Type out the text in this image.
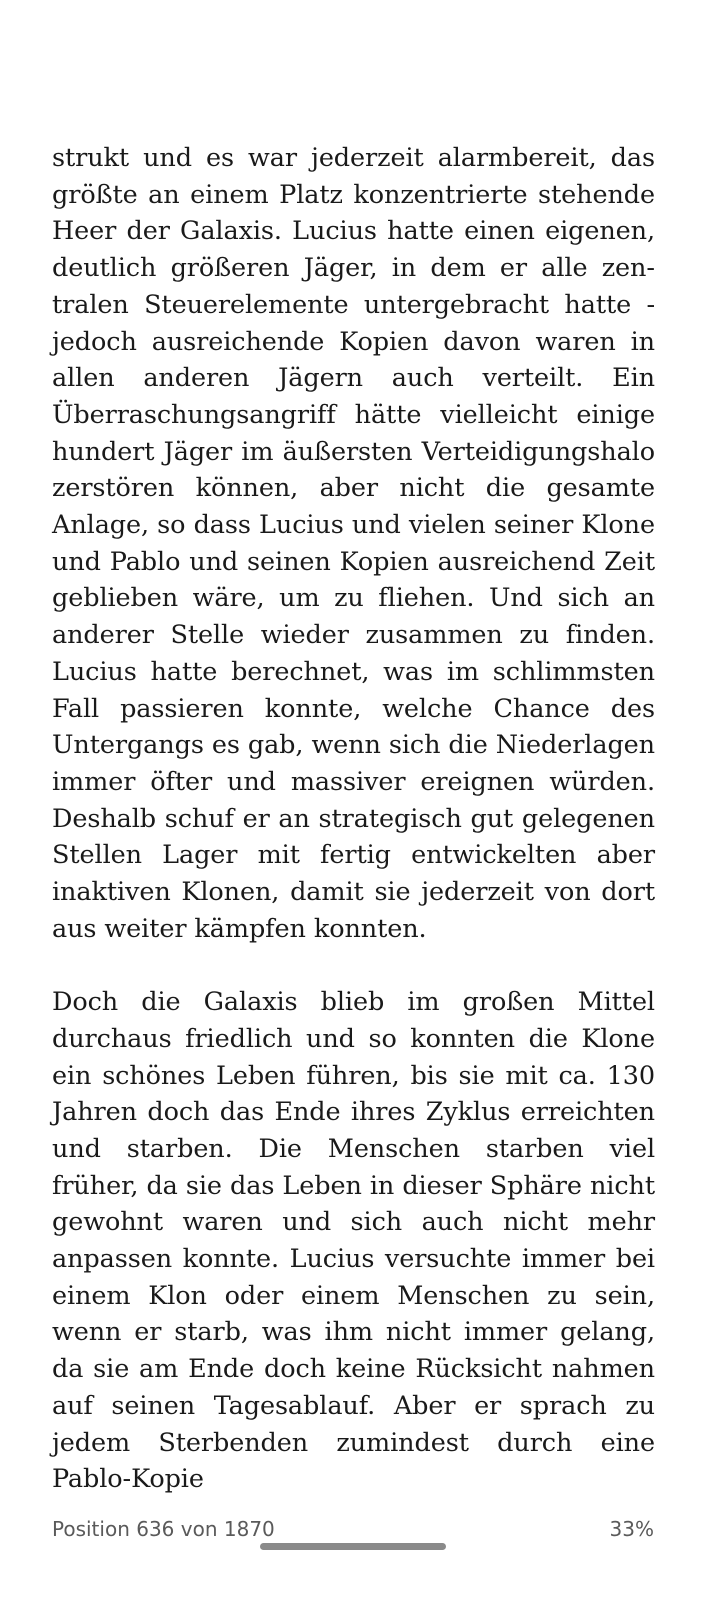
strukt und es war jederzeit alarmbereit, das größte an einem Platz konzentrierte stehende Heer der Galaxis. Lucius hatte einen eigenen, deutlich größeren Jäger, in dem er alle zentralen Steuerelemente untergebracht hatte - jedoch ausreichende Kopien davon waren in allen anderen Jägern auch verteilt. Ein Überraschungsangriff hätte vielleicht einige hundert Jäger im äußersten Verteidigungshalo zerstören können, aber nicht die gesamte Anlage, so dass Lucius und vielen seiner Klone und Pablo und seinen Kopien ausreichend Zeit geblieben wäre, um zu fliehen. Und sich an anderer Stelle wieder zusammen zu finden. Lucius hatte berechnet, was im schlimmsten Fall passieren konnte, welche Chance des Untergangs es gab, wenn sich die Niederlagen immer öfter und massiver ereignen würden. Deshalb schuf er an strategisch gut gelegenen Stellen Lager mit fertig entwickelten aber inaktiven Klonen, damit sie jederzeit von dort aus weiter kämpfen konnten.

Doch die Galaxis blieb im großen Mittel durchaus friedlich und so konnten die Klone ein schönes Leben führen, bis sie mit ca. 130 Jahren doch das Ende ihres Zyklus erreichten und starben. Die Menschen starben viel früher, da sie das Leben in dieser Sphäre nicht gewohnt waren und sich auch nicht mehr anpassen konnte. Lucius versuchte immer bei einem Klon oder einem Menschen zu sein, wenn er starb, was ihm nicht immer gelang, da sie am Ende doch keine Rücksicht nahmen auf seinen Tagesablauf. Aber er sprach zu jedem Sterbenden zumindest durch eine Pablo-Kopie

Position 636 von 1870	33%
